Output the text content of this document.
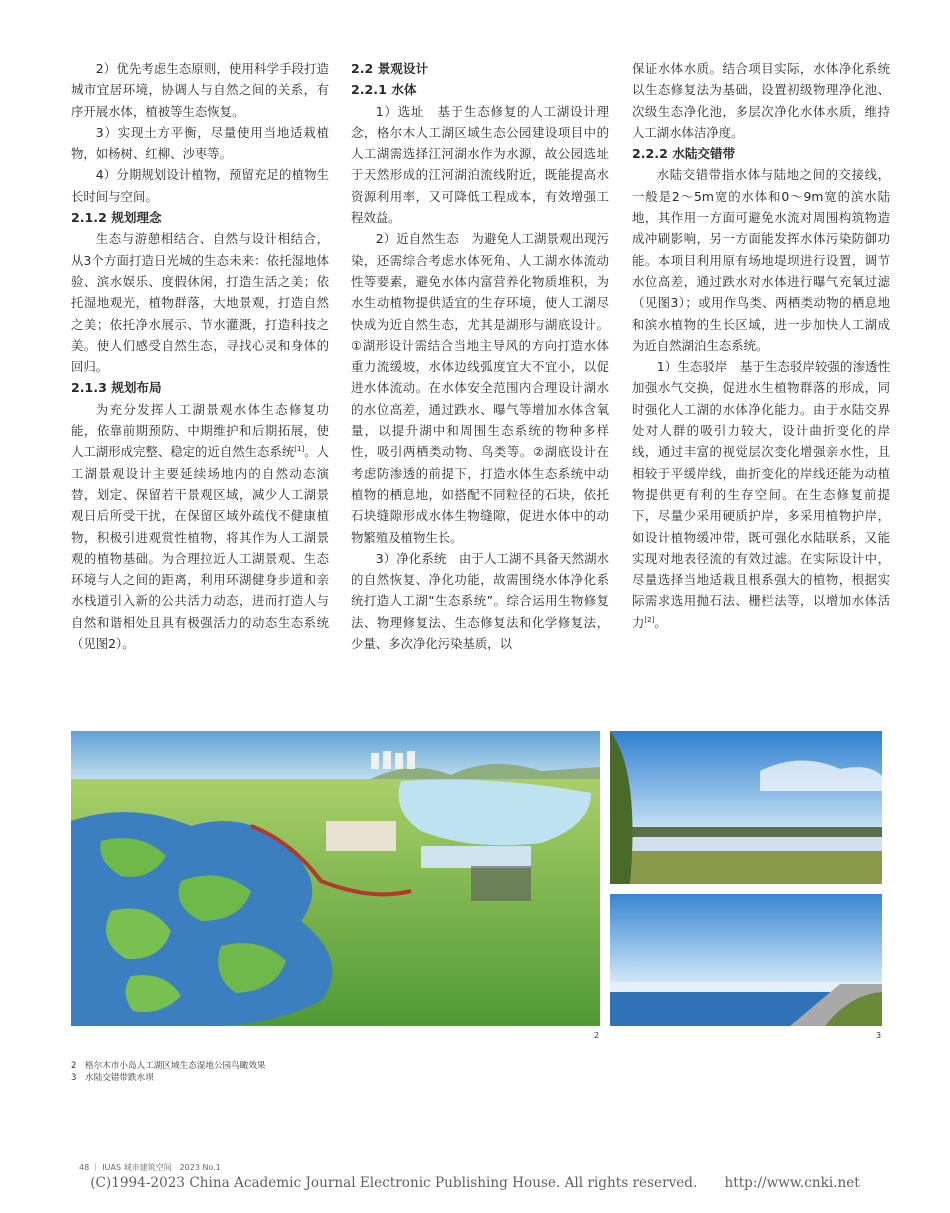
2）优先考虑生态原则，使用科学手段打造城市宜居环境，协调人与自然之间的关系，有序开展水体，植被等生态恢复。

3）实现土方平衡，尽量使用当地适栽植物，如杨树、红柳、沙枣等。

4）分期规划设计植物，预留充足的植物生长时间与空间。

2.1.2 规划理念

生态与游憩相结合、自然与设计相结合，从3个方面打造日光城的生态未来：依托湿地体验、滨水娱乐、度假休闲，打造生活之美；依托湿地观光，植物群落，大地景观，打造自然之美；依托净水展示、节水灌溉，打造科技之美。使人们感受自然生态，寻找心灵和身体的回归。

2.1.3 规划布局

为充分发挥人工湖景观水体生态修复功能，依靠前期预防、中期维护和后期拓展，使人工湖形成完整、稳定的近自然生态系统[1]。人工湖景观设计主要延续场地内的自然动态演替，划定、保留若干景观区域，减少人工湖景观日后所受干扰，在保留区域外疏伐不健康植物，积极引进观赏性植物，将其作为人工湖景观的植物基础。为合理拉近人工湖景观、生态环境与人之间的距离，利用环湖健身步道和亲水栈道引入新的公共活力动态，进而打造人与自然和谐相处且具有极强活力的动态生态系统（见图2）。

2.2 景观设计

2.2.1 水体

1）选址　基于生态修复的人工湖设计理念，格尔木人工湖区域生态公园建设项目中的人工湖需选择江河湖水作为水源，故公园选址于天然形成的江河湖泊流线附近，既能提高水资源利用率，又可降低工程成本，有效增强工程效益。

2）近自然生态　为避免人工湖景观出现污染，还需综合考虑水体死角、人工湖水体流动性等要素，避免水体内富营养化物质堆积，为水生动植物提供适宜的生存环境，使人工湖尽快成为近自然生态，尤其是湖形与湖底设计。①湖形设计需结合当地主导风的方向打造水体重力流缓坡，水体边线弧度宜大不宜小，以促进水体流动。在水体安全范围内合理设计湖水的水位高差，通过跌水、曝气等增加水体含氧量，以提升湖中和周围生态系统的物种多样性，吸引两栖类动物、鸟类等。②湖底设计在考虑防渗透的前提下，打造水体生态系统中动植物的栖息地，如搭配不同粒径的石块，依托石块缝隙形成水体生物缝隙，促进水体中的动物繁殖及植物生长。

3）净化系统　由于人工湖不具备天然湖水的自然恢复、净化功能，故需围绕水体净化系统打造人工湖“生态系统”。综合运用生物修复法、物理修复法、生态修复法和化学修复法，少量、多次净化污染基质，以

保证水体水质。结合项目实际，水体净化系统以生态修复法为基础，设置初级物理净化池、次级生态净化池，多层次净化水体水质，维持人工湖水体洁净度。

2.2.2 水陆交错带

水陆交错带指水体与陆地之间的交接线，一般是2～5m宽的水体和0～9m宽的滨水陆地，其作用一方面可避免水流对周围构筑物造成冲刷影响，另一方面能发挥水体污染防御功能。本项目利用原有场地堤坝进行设置，调节水位高差，通过跌水对水体进行曝气充氧过滤（见图3）；或用作鸟类、两栖类动物的栖息地和滨水植物的生长区域，进一步加快人工湖成为近自然湖泊生态系统。

1）生态驳岸　基于生态驳岸较强的渗透性加强水气交换，促进水生植物群落的形成，同时强化人工湖的水体净化能力。由于水陆交界处对人群的吸引力较大，设计曲折变化的岸线，通过丰富的视觉层次变化增强亲水性，且相较于平缓岸线，曲折变化的岸线还能为动植物提供更有利的生存空间。在生态修复前提下，尽量少采用硬质护岸，多采用植物护岸，如设计植物缓冲带，既可强化水陆联系，又能实现对地表径流的有效过滤。在实际设计中，尽量选择当地适栽且根系强大的植物，根据实际需求选用抛石法、栅栏法等，以增加水体活力[2]。

2	3
2　格尔木市小岛人工湖区域生态湿地公园鸟瞰效果
3　水陆交错带跌水坝
48 ｜ IUAS 城市建筑空间　2023 No.1
(C)1994-2023 China Academic Journal Electronic Publishing House. All rights reserved.　　http://www.cnki.net
